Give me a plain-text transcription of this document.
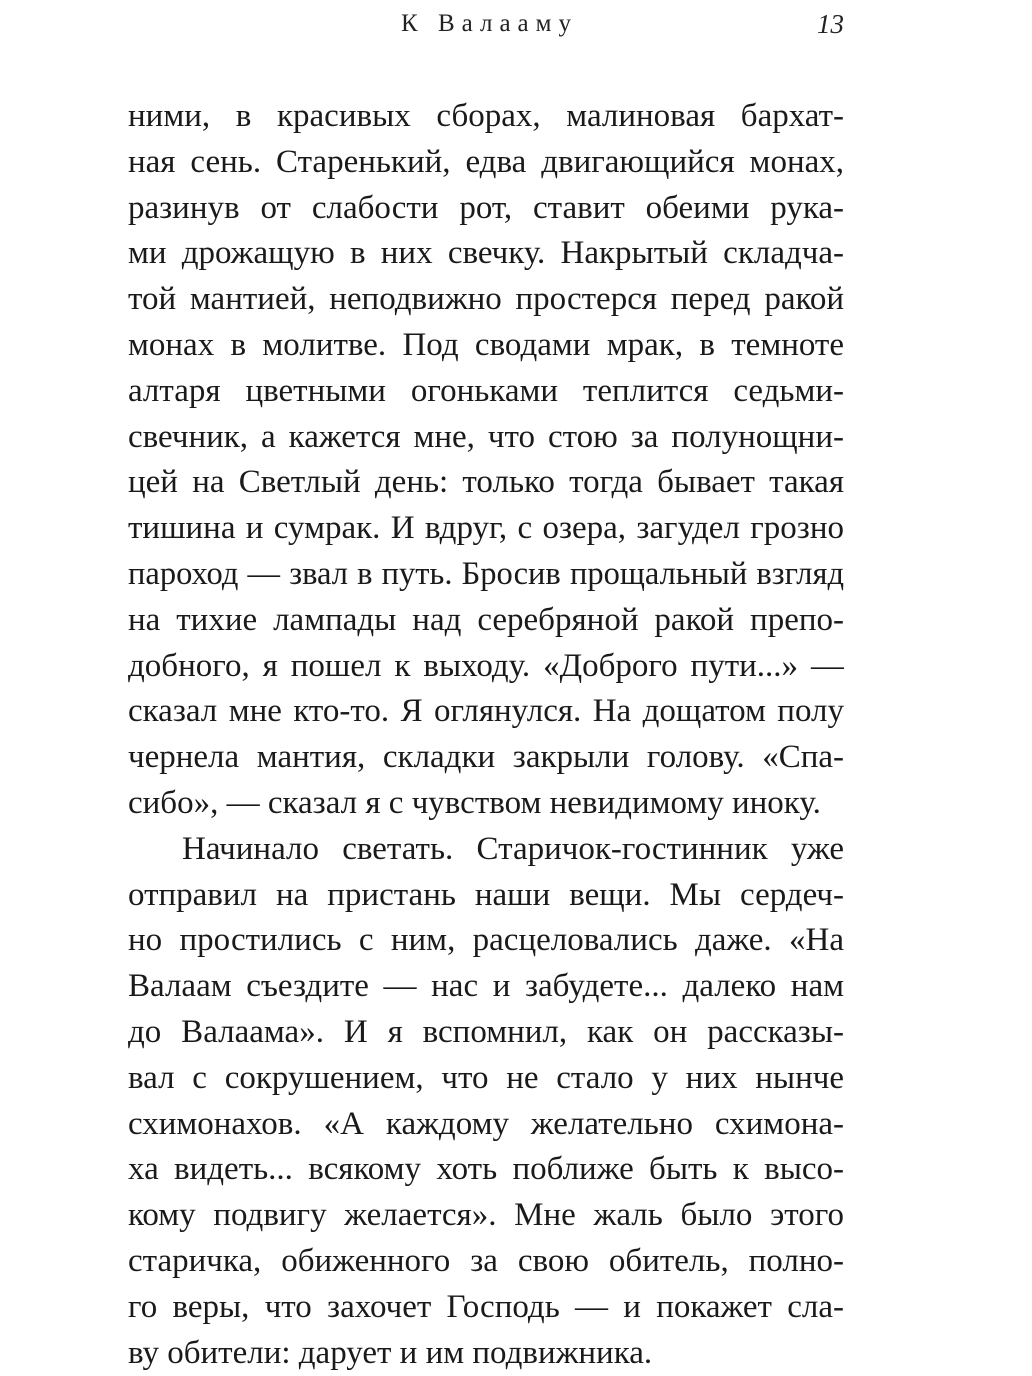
К Валааму	13
ними, в красивых сборах, малиновая бархат-
ная сень. Старенький, едва двигающийся монах,
разинув от слабости рот, ставит обеими рука-
ми дрожащую в них свечку. Накрытый складча-
той мантией, неподвижно простерся перед ракой
монах в молитве. Под сводами мрак, в темноте
алтаря цветными огоньками теплится седьми-
свечник, а кажется мне, что стою за полунощни-
цей на Светлый день: только тогда бывает такая
тишина и сумрак. И вдруг, с озера, загудел грозно
пароход — звал в путь. Бросив прощальный взгляд
на тихие лампады над серебряной ракой препо-
добного, я пошел к выходу. «Доброго пути...» —
сказал мне кто-то. Я оглянулся. На дощатом полу
чернела мантия, складки закрыли голову. «Спа-
сибо», — сказал я с чувством невидимому иноку.
Начинало светать. Старичок-гостинник уже
отправил на пристань наши вещи. Мы сердеч-
но простились с ним, расцеловались даже. «На
Валаам съездите — нас и забудете... далеко нам
до Валаама». И я вспомнил, как он рассказы-
вал с сокрушением, что не стало у них нынче
схимонахов. «А каждому желательно схимона-
ха видеть... всякому хоть поближе быть к высо-
кому подвигу желается». Мне жаль было этого
старичка, обиженного за свою обитель, полно-
го веры, что захочет Господь — и покажет сла-
ву обители: дарует и им подвижника.
